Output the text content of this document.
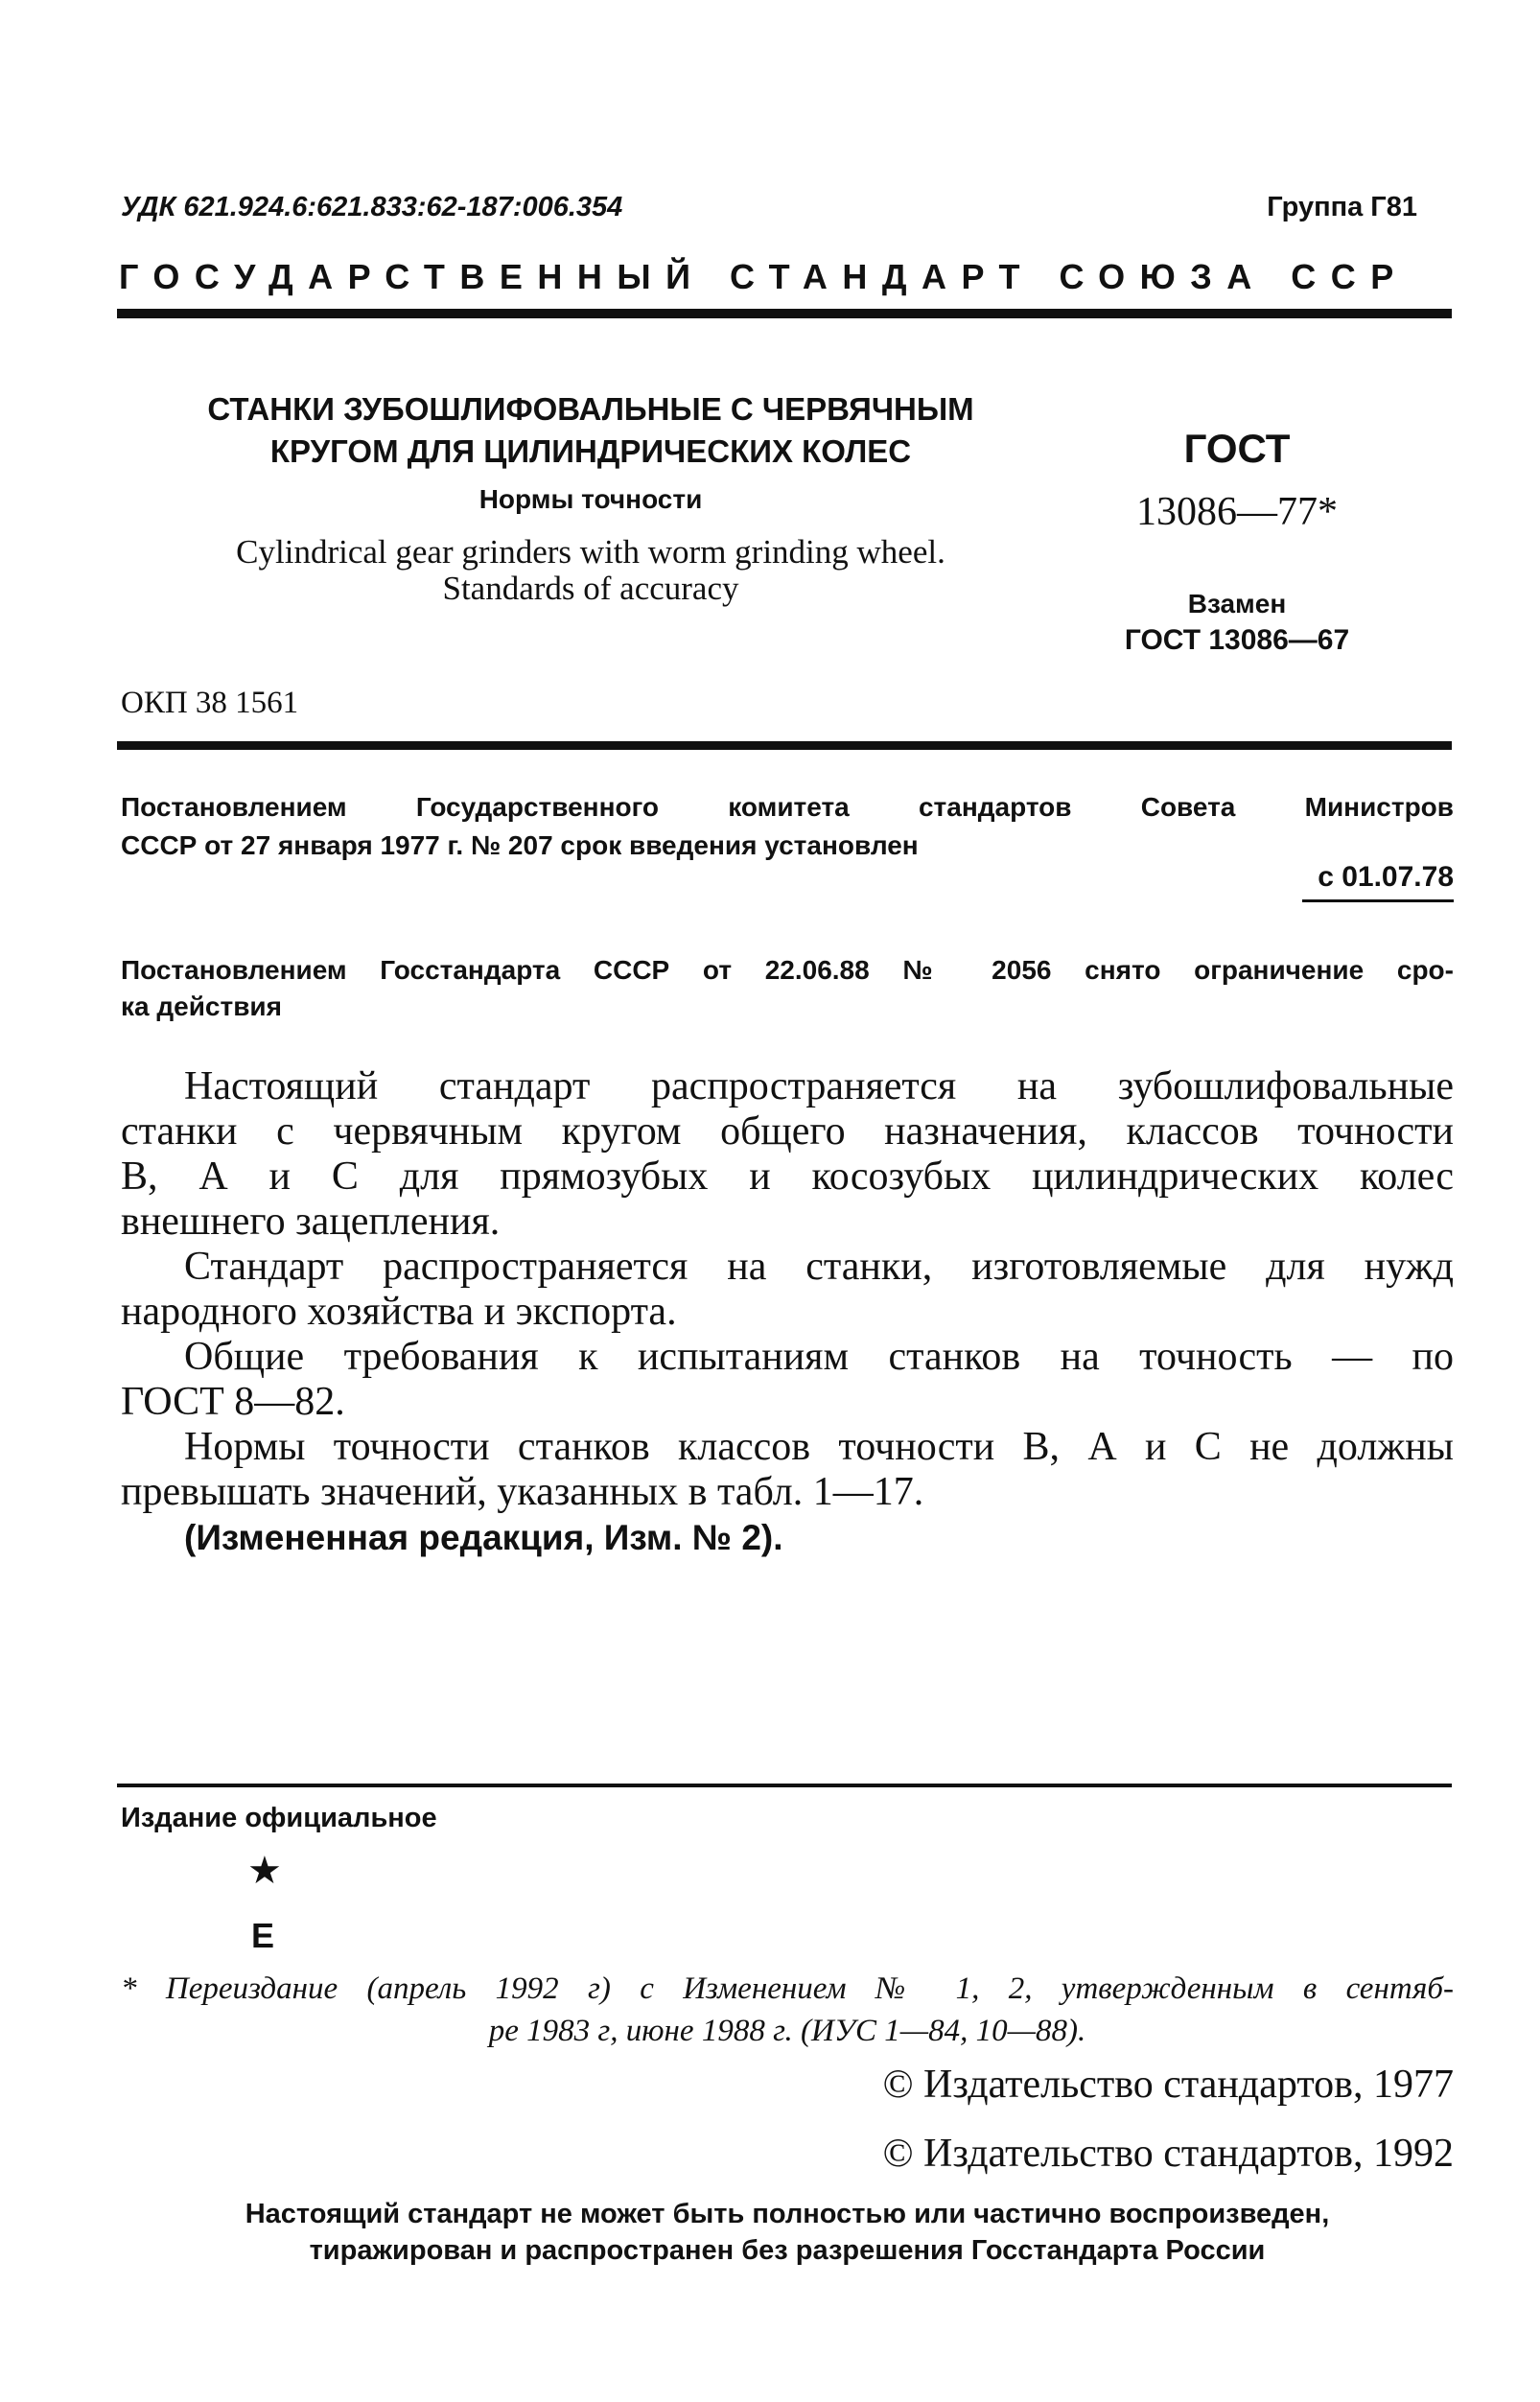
УДК 621.924.6:621.833:62-187:006.354	Группа Г81
ГОСУДАРСТВЕННЫЙ СТАНДАРТ СОЮЗА ССР
СТАНКИ ЗУБОШЛИФОВАЛЬНЫЕ С ЧЕРВЯЧНЫМ
КРУГОМ ДЛЯ ЦИЛИНДРИЧЕСКИХ КОЛЕС
Нормы точности
Cylindrical gear grinders with worm grinding wheel.
Standards of accuracy
ОКП 38 1561
ГОСТ
13086—77*
Взамен
ГОСТ 13086—67
Постановлением Государственного комитета стандартов Совета Министров
СССР от 27 января 1977 г. № 207 срок введения установлен
с 01.07.78
Постановлением Госстандарта СССР от 22.06.88 № 2056 снято ограничение сро-
ка действия
Настоящий стандарт распространяется на зубошлифовальные
станки с червячным кругом общего назначения, классов точности
В, А и С для прямозубых и косозубых цилиндрических колес
внешнего зацепления.
Стандарт распространяется на станки, изготовляемые для нужд
народного хозяйства и экспорта.
Общие требования к испытаниям станков на точность — по
ГОСТ 8—82.
Нормы точности станков классов точности В, А и С не должны
превышать значений, указанных в табл. 1—17.
(Измененная редакция, Изм. № 2).
Издание официальное
★
Е
* Переиздание (апрель 1992 г) с Изменением № 1, 2, утвержденным в сентяб-
ре 1983 г, июне 1988 г. (ИУС 1—84, 10—88).
© Издательство стандартов, 1977
© Издательство стандартов, 1992
Настоящий стандарт не может быть полностью или частично воспроизведен,
тиражирован и распространен без разрешения Госстандарта России
